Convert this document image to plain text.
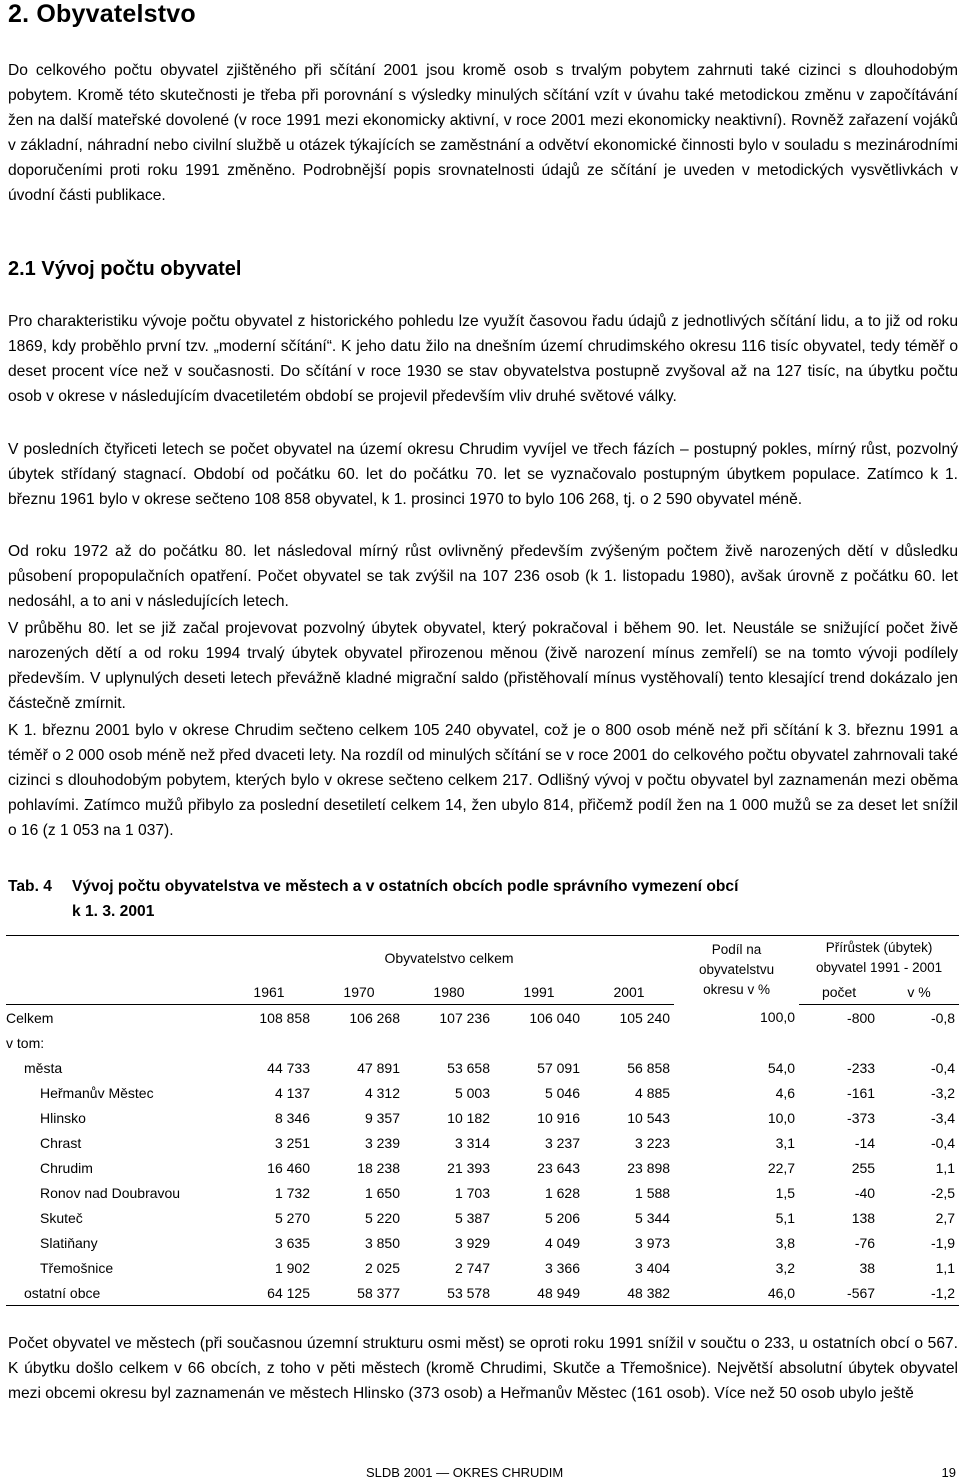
2. Obyvatelstvo

Do celkového počtu obyvatel zjištěného při sčítání 2001 jsou kromě osob s trvalým pobytem zahrnuti také cizinci s dlouhodobým pobytem. Kromě této skutečnosti je třeba při porovnání s výsledky minulých sčítání vzít v úvahu také metodickou změnu v započítávání žen na další mateřské dovolené (v roce 1991 mezi ekonomicky aktivní, v roce 2001 mezi ekonomicky neaktivní). Rovněž zařazení vojáků v základní, náhradní nebo civilní službě u otázek týkajících se zaměstnání a odvětví ekonomické činnosti bylo v souladu s mezinárodními doporučeními proti roku 1991 změněno. Podrobnější popis srovnatelnosti údajů ze sčítání je uveden v metodických vysvětlivkách v úvodní části publikace.

2.1 Vývoj počtu obyvatel

Pro charakteristiku vývoje počtu obyvatel z historického pohledu lze využít časovou řadu údajů z jednotlivých sčítání lidu, a to již od roku 1869, kdy proběhlo první tzv. „moderní sčítání“. K jeho datu žilo na dnešním území chrudimského okresu 116 tisíc obyvatel, tedy téměř o deset procent více než v současnosti. Do sčítání v roce 1930 se stav obyvatelstva postupně zvyšoval až na 127 tisíc, na úbytku počtu osob v okrese v následujícím dvacetiletém období se projevil především vliv druhé světové války.

V posledních čtyřiceti letech se počet obyvatel na území okresu Chrudim vyvíjel ve třech fázích – postupný pokles, mírný růst, pozvolný úbytek střídaný stagnací. Období od počátku 60. let do počátku 70. let se vyznačovalo postupným úbytkem populace. Zatímco k 1. březnu 1961 bylo v okrese sečteno 108 858 obyvatel, k 1. prosinci 1970 to bylo 106 268, tj. o 2 590 obyvatel méně.

Od roku 1972 až do počátku 80. let následoval mírný růst ovlivněný především zvýšeným počtem živě narozených dětí v důsledku působení propopulačních opatření. Počet obyvatel se tak zvýšil na 107 236 osob (k 1. listopadu 1980), avšak úrovně z počátku 60. let nedosáhl, a to ani v následujících letech.

V průběhu 80. let se již začal projevovat pozvolný úbytek obyvatel, který pokračoval i během 90. let. Neustále se snižující počet živě narozených dětí a od roku 1994 trvalý úbytek obyvatel přirozenou měnou (živě narození mínus zemřelí) se na tomto vývoji podílely především. V uplynulých deseti letech převážně kladné migrační saldo (přistěhovalí mínus vystěhovalí) tento klesající trend dokázalo jen částečně zmírnit.

K 1. březnu 2001 bylo v okrese Chrudim sečteno celkem 105 240 obyvatel, což je o 800 osob méně než při sčítání k 3. březnu 1991 a téměř o 2 000 osob méně než před dvaceti lety. Na rozdíl od minulých sčítání se v roce 2001 do celkového počtu obyvatel zahrnovali také cizinci s dlouhodobým pobytem, kterých bylo v okrese sečteno celkem 217. Odlišný vývoj v počtu obyvatel byl zaznamenán mezi oběma pohlavími. Zatímco mužů přibylo za poslední desetiletí celkem 14, žen ubylo 814, přičemž podíl žen na 1 000 mužů se za deset let snížil o 16 (z 1 053 na 1 037).

Tab. 4 Vývoj počtu obyvatelstva ve městech a v ostatních obcích podle správního vymezení obcí
k 1. 3. 2001
	Obyvatelstvo celkem					Podíl na obyvatelstvu okresu v %	Přírůstek (úbytek) obyvatel 1991 - 2001	
	1961	1970	1980	1991	2001		počet	v %
Celkem	108 858	106 268	107 236	106 040	105 240	100,0	-800	-0,8
v tom:								
města	44 733	47 891	53 658	57 091	56 858	54,0	-233	-0,4
Heřmanův Městec	4 137	4 312	5 003	5 046	4 885	4,6	-161	-3,2
Hlinsko	8 346	9 357	10 182	10 916	10 543	10,0	-373	-3,4
Chrast	3 251	3 239	3 314	3 237	3 223	3,1	-14	-0,4
Chrudim	16 460	18 238	21 393	23 643	23 898	22,7	255	1,1
Ronov nad Doubravou	1 732	1 650	1 703	1 628	1 588	1,5	-40	-2,5
Skuteč	5 270	5 220	5 387	5 206	5 344	5,1	138	2,7
Slatiňany	3 635	3 850	3 929	4 049	3 973	3,8	-76	-1,9
Třemošnice	1 902	2 025	2 747	3 366	3 404	3,2	38	1,1
ostatní obce	64 125	58 377	53 578	48 949	48 382	46,0	-567	-1,2

Počet obyvatel ve městech (při současnou územní strukturu osmi měst) se oproti roku 1991 snížil v součtu o 233, u ostatních obcí o 567. K úbytku došlo celkem v 66 obcích, z toho v pěti městech (kromě Chrudimi, Skutče a Třemošnice). Největší absolutní úbytek obyvatel mezi obcemi okresu byl zaznamenán ve městech Hlinsko (373 osob) a Heřmanův Městec (161 osob). Více než 50 osob ubylo ještě

SLDB 2001 — OKRES CHRUDIM	19
